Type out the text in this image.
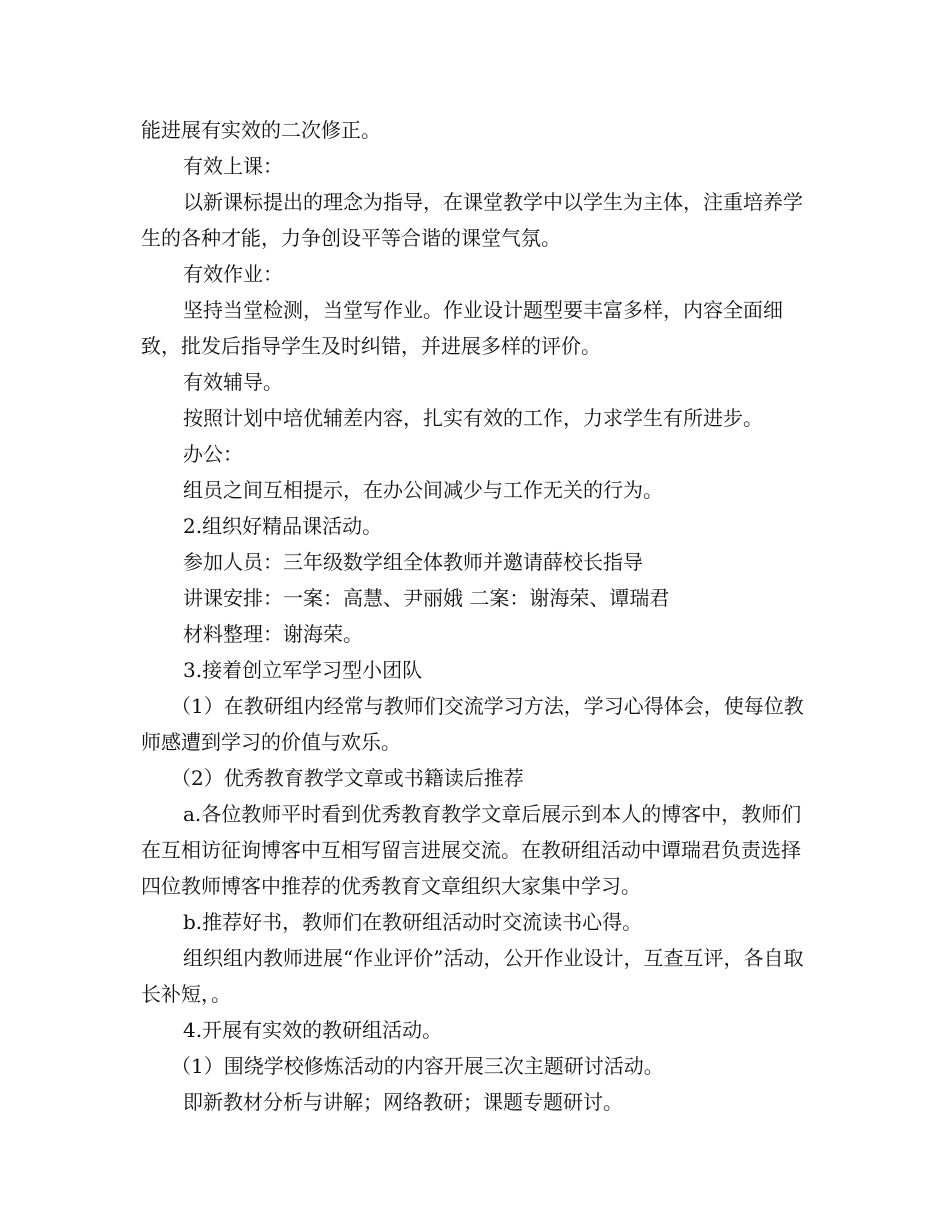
能进展有实效的二次修正。

有效上课：

以新课标提出的理念为指导，在课堂教学中以学生为主体，注重培养学生的各种才能，力争创设平等合谐的课堂气氛。

有效作业：

坚持当堂检测，当堂写作业。作业设计题型要丰富多样，内容全面细致，批发后指导学生及时纠错，并进展多样的评价。

有效辅导。

按照计划中培优辅差内容，扎实有效的工作，力求学生有所进步。

办公：

组员之间互相提示，在办公间减少与工作无关的行为。

2.组织好精品课活动。

参加人员：三年级数学组全体教师并邀请薛校长指导

讲课安排：一案：高慧、尹丽娥 二案：谢海荣、谭瑞君

材料整理：谢海荣。

3.接着创立军学习型小团队

（1）在教研组内经常与教师们交流学习方法，学习心得体会，使每位教师感遭到学习的价值与欢乐。

（2）优秀教育教学文章或书籍读后推荐

a.各位教师平时看到优秀教育教学文章后展示到本人的博客中，教师们在互相访征询博客中互相写留言进展交流。在教研组活动中谭瑞君负责选择四位教师博客中推荐的优秀教育文章组织大家集中学习。

b.推荐好书，教师们在教研组活动时交流读书心得。

组织组内教师进展“作业评价”活动，公开作业设计，互查互评，各自取长补短，。

4.开展有实效的教研组活动。

（1）围绕学校修炼活动的内容开展三次主题研讨活动。

即新教材分析与讲解；网络教研；课题专题研讨。
